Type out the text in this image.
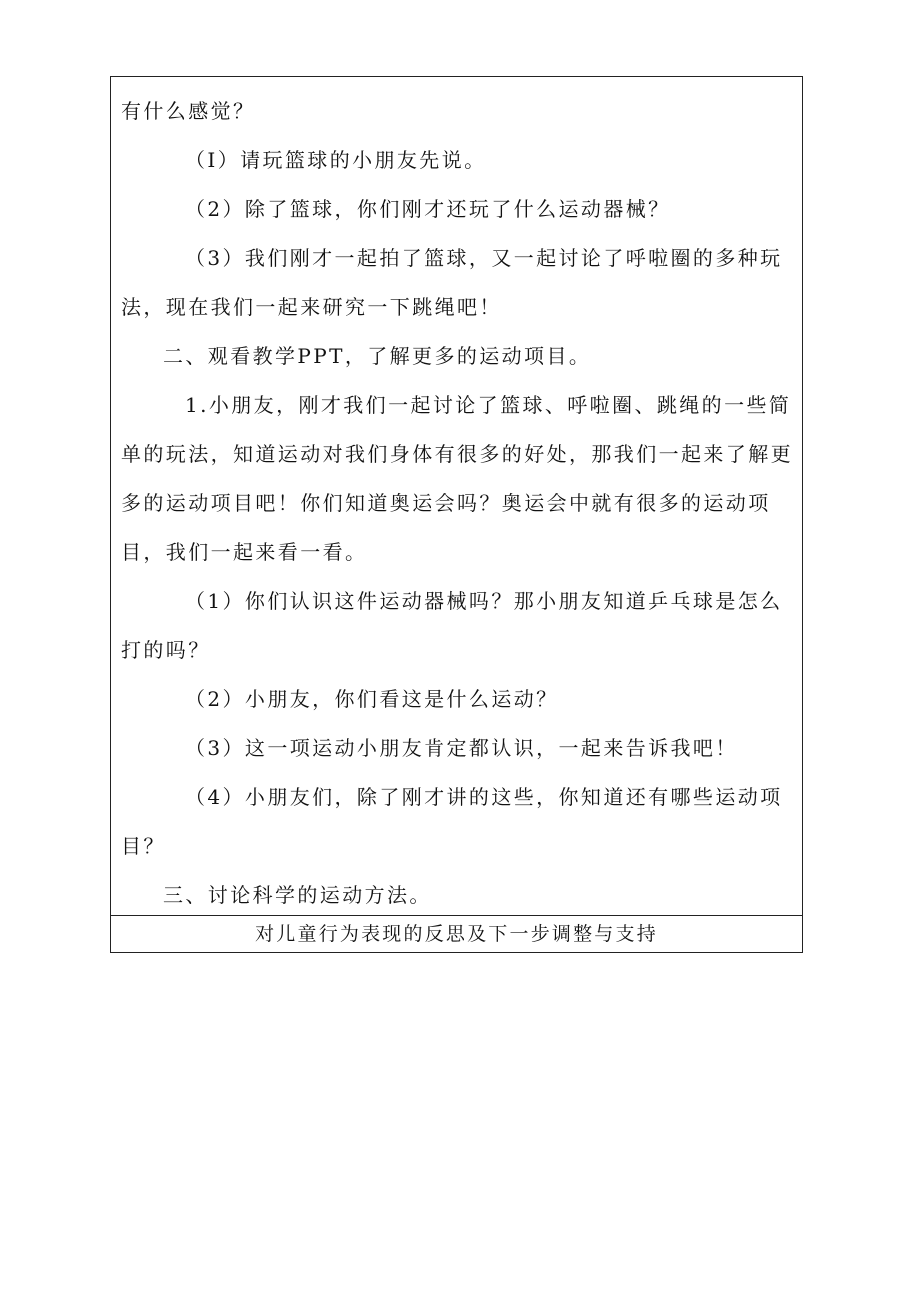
有什么感觉？
（I）请玩篮球的小朋友先说。
（2）除了篮球，你们刚才还玩了什么运动器械？
（3）我们刚才一起拍了篮球，又一起讨论了呼啦圈的多种玩法，现在我们一起来研究一下跳绳吧！
二、观看教学PPT，了解更多的运动项目。
1.小朋友，刚才我们一起讨论了篮球、呼啦圈、跳绳的一些简单的玩法，知道运动对我们身体有很多的好处，那我们一起来了解更多的运动项目吧！你们知道奥运会吗？奥运会中就有很多的运动项目，我们一起来看一看。
（1）你们认识这件运动器械吗？那小朋友知道乒乓球是怎么打的吗？
（2）小朋友，你们看这是什么运动？
（3）这一项运动小朋友肯定都认识，一起来告诉我吧！
（4）小朋友们，除了刚才讲的这些，你知道还有哪些运动项目？
三、讨论科学的运动方法。
对儿童行为表现的反思及下一步调整与支持
